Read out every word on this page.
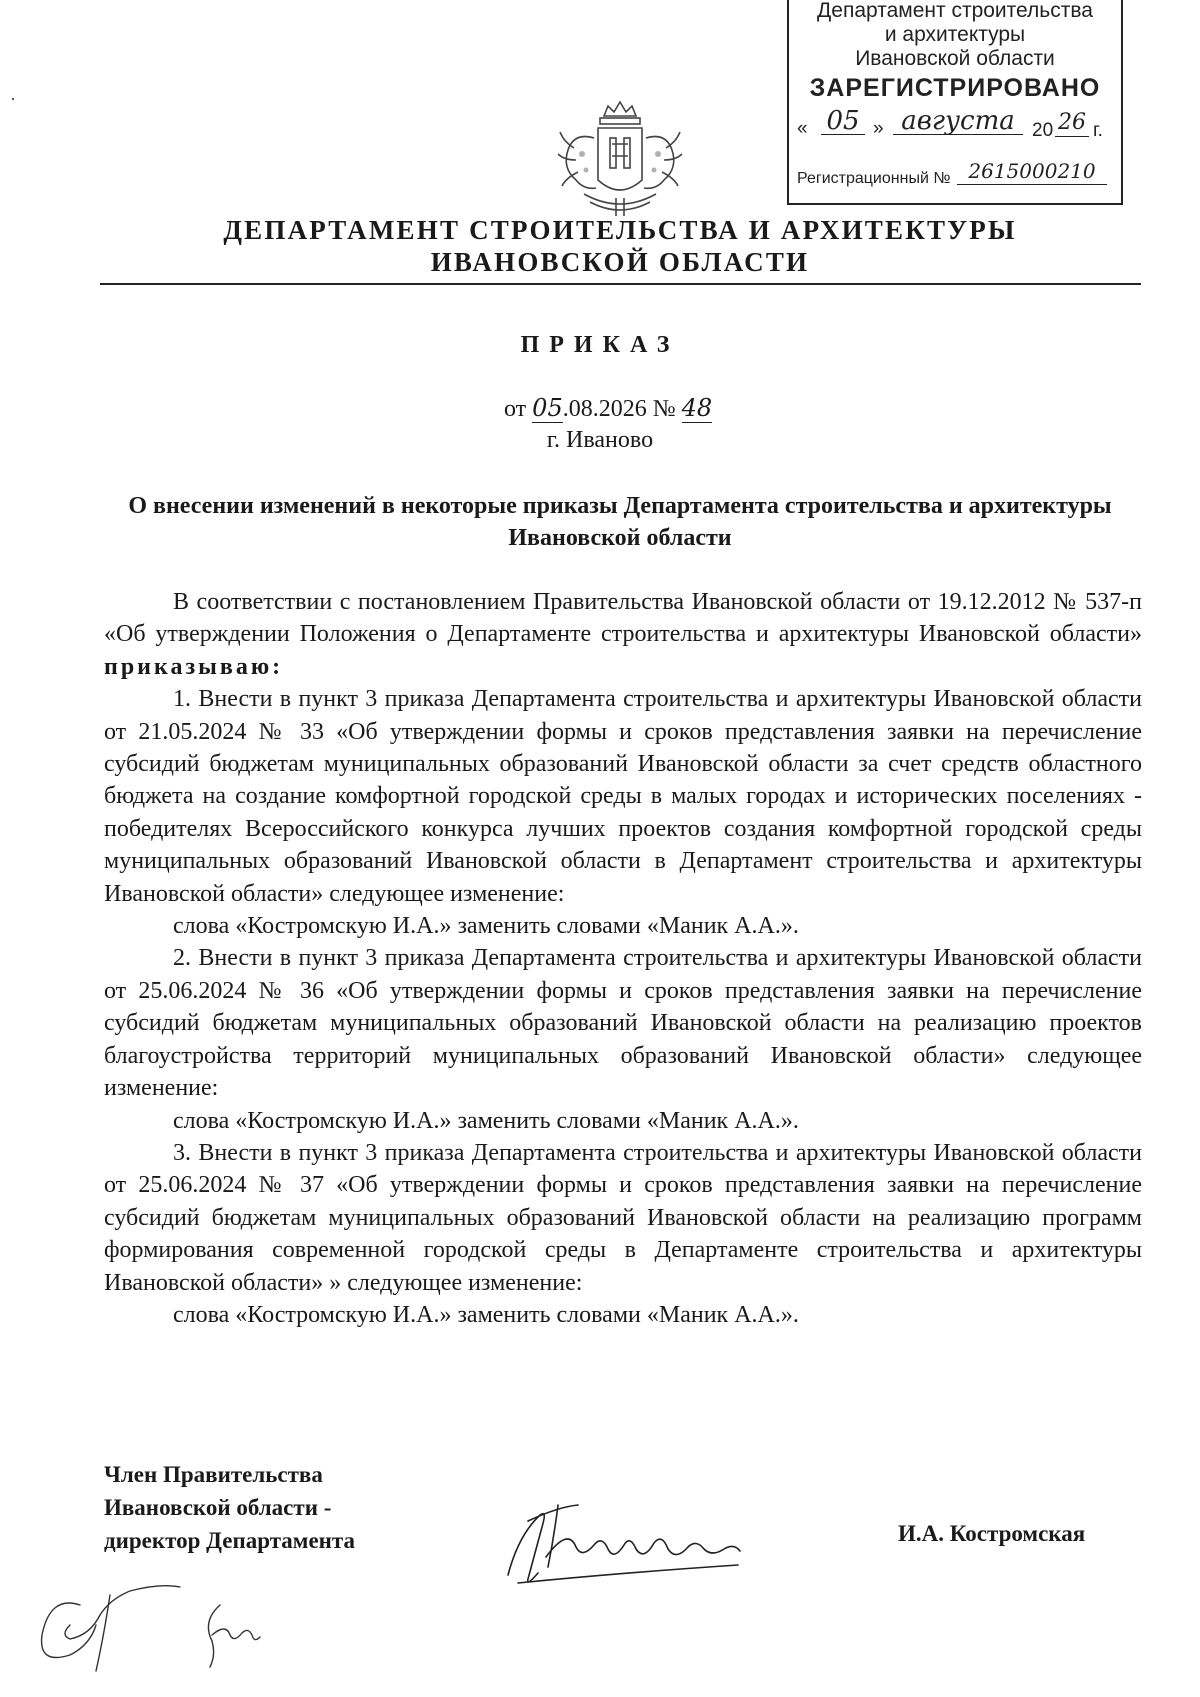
Департамент строительства
и архитектуры
Ивановской области
ЗАРЕГИСТРИРОВАНО
« 05 » августа 20 26 г.
Регистрационный № 2615000210
ДЕПАРТАМЕНТ СТРОИТЕЛЬСТВА И АРХИТЕКТУРЫ
ИВАНОВСКОЙ ОБЛАСТИ
ПРИКАЗ
от 05.08.2026 № 48
г. Иваново
О внесении изменений в некоторые приказы Департамента строительства и архитектуры Ивановской области

В соответствии с постановлением Правительства Ивановской области от 19.12.2012 № 537-п «Об утверждении Положения о Департаменте строительства и архитектуры Ивановской области» приказываю:

1. Внести в пункт 3 приказа Департамента строительства и архитектуры Ивановской области от 21.05.2024 № 33 «Об утверждении формы и сроков представления заявки на перечисление субсидий бюджетам муниципальных образований Ивановской области за счет средств областного бюджета на создание комфортной городской среды в малых городах и исторических поселениях - победителях Всероссийского конкурса лучших проектов создания комфортной городской среды муниципальных образований Ивановской области в Департамент строительства и архитектуры Ивановской области» следующее изменение:

слова «Костромскую И.А.» заменить словами «Маник А.А.».

2. Внести в пункт 3 приказа Департамента строительства и архитектуры Ивановской области от 25.06.2024 № 36 «Об утверждении формы и сроков представления заявки на перечисление субсидий бюджетам муниципальных образований Ивановской области на реализацию проектов благоустройства территорий муниципальных образований Ивановской области» следующее изменение:

слова «Костромскую И.А.» заменить словами «Маник А.А.».

3. Внести в пункт 3 приказа Департамента строительства и архитектуры Ивановской области от 25.06.2024 № 37 «Об утверждении формы и сроков представления заявки на перечисление субсидий бюджетам муниципальных образований Ивановской области на реализацию программ формирования современной городской среды в Департаменте строительства и архитектуры Ивановской области» » следующее изменение:

слова «Костромскую И.А.» заменить словами «Маник А.А.».

Член Правительства
Ивановской области -
директор Департамента	И.А. Костромская
